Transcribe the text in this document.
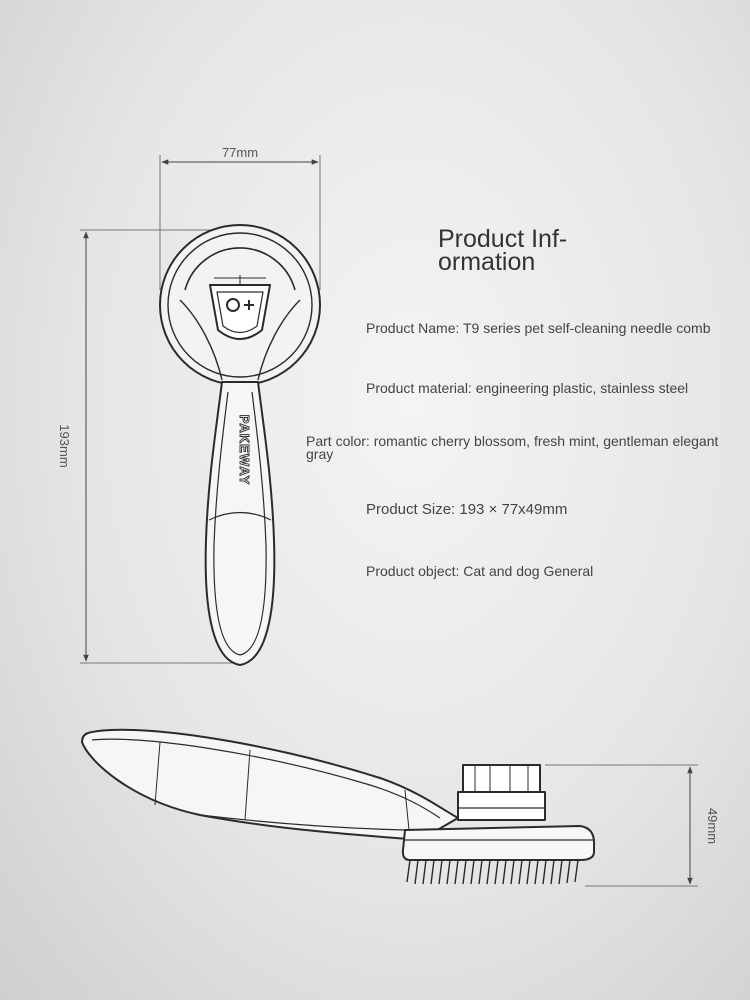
77mm
193mm	PAKEWAY
49mm
Product Inf-
ormation
Product Name: T9 series pet self-cleaning needle comb
Product material: engineering plastic, stainless steel
Part color: romantic cherry blossom, fresh mint, gentleman elegant gray
Product Size: 193 × 77x49mm
Product object: Cat and dog General
